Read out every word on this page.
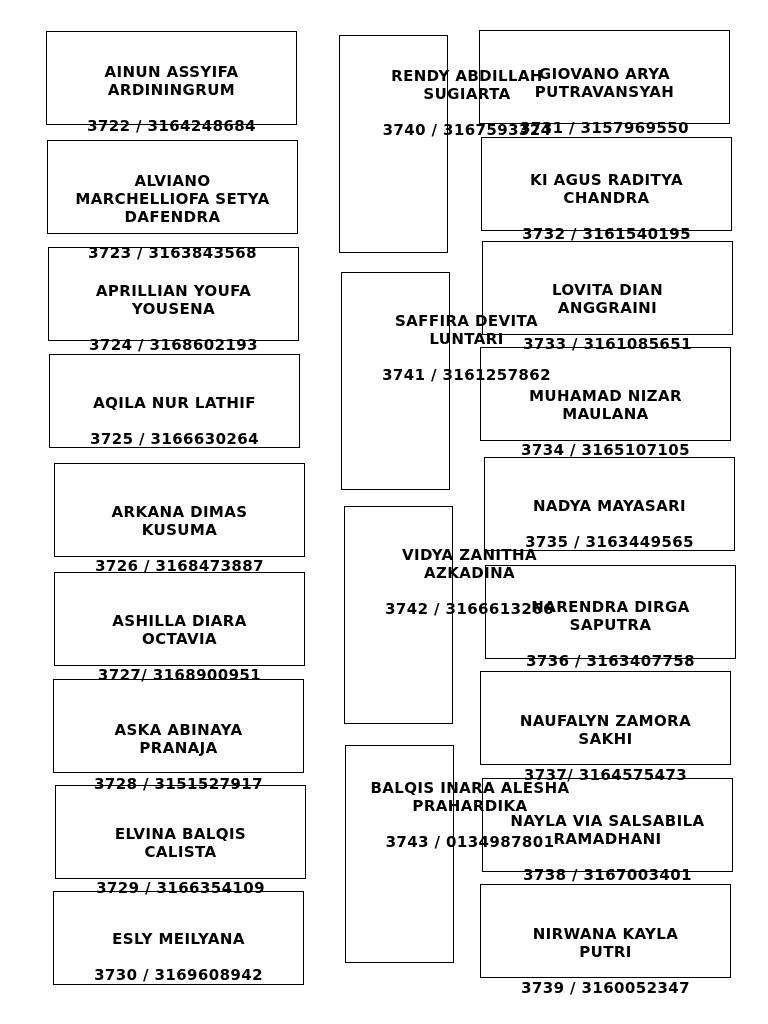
AINUN ASSYIFA
ARDININGRUM

3722 / 3164248684

ALVIANO
MARCHELLIOFA SETYA
DAFENDRA

3723 / 3163843568

APRILLIAN YOUFA
YOUSENA

3724 / 3168602193

AQILA NUR LATHIF

3725 / 3166630264

ARKANA DIMAS
KUSUMA

3726 / 3168473887

ASHILLA DIARA
OCTAVIA

3727/ 3168900951

ASKA ABINAYA
PRANAJA

3728 / 3151527917

ELVINA BALQIS
CALISTA

3729 / 3166354109

ESLY MEILYANA

3730 / 3169608942

GIOVANO ARYA
PUTRAVANSYAH

3731 / 3157969550

KI AGUS RADITYA
CHANDRA

3732 / 3161540195

LOVITA DIAN
ANGGRAINI

3733 / 3161085651

MUHAMAD NIZAR
MAULANA

3734 / 3165107105

NADYA MAYASARI

3735 / 3163449565

NARENDRA DIRGA
SAPUTRA

3736 / 3163407758

NAUFALYN ZAMORA
SAKHI

3737/ 3164575473

NAYLA VIA SALSABILA
RAMADHANI

3738 / 3167003401

NIRWANA KAYLA
PUTRI

3739 / 3160052347

RENDY ABDILLAH
SUGIARTA

3740 / 3167593324

SAFFIRA DEVITA
LUNTARI

3741 / 3161257862

VIDYA ZANITHA
AZKADINA

3742 / 3166613266

BALQIS INARA ALESHA
PRAHARDIKA

3743 / 0134987801
